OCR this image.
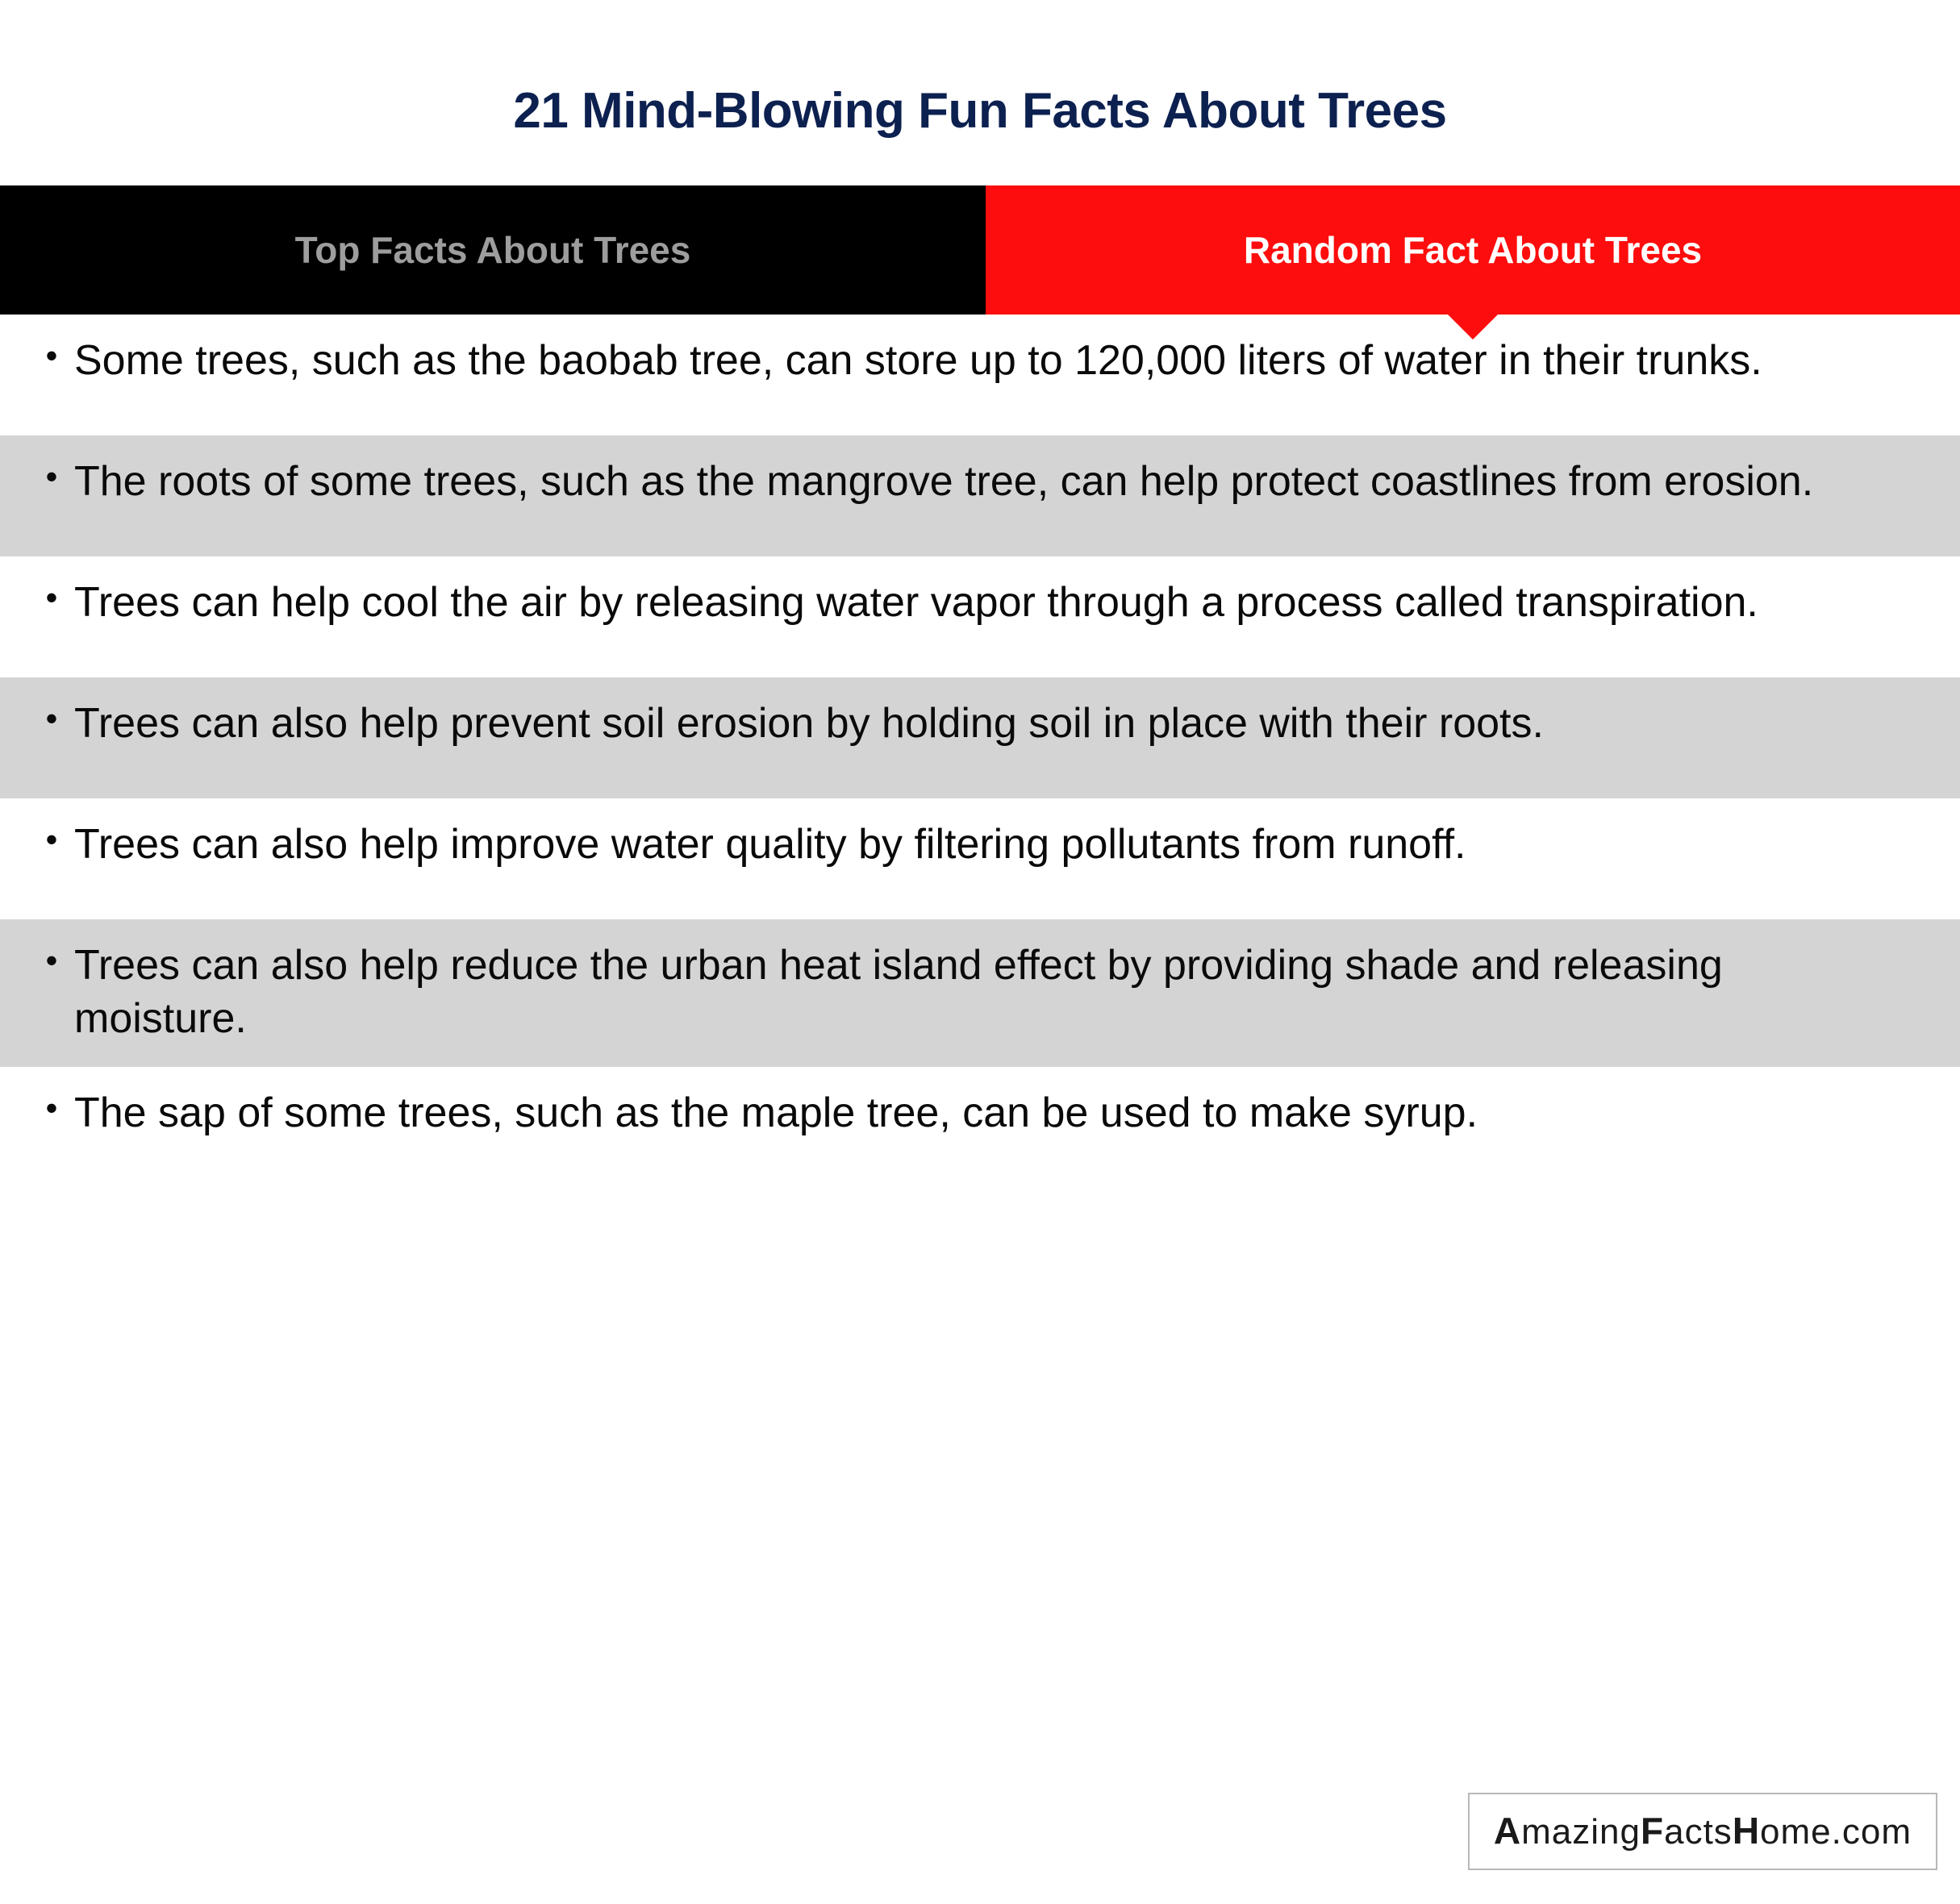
21 Mind-Blowing Fun Facts About Trees
Top Facts About Trees	Random Fact About Trees
• Some trees, such as the baobab tree, can store up to 120,000 liters of water in their trunks.
• The roots of some trees, such as the mangrove tree, can help protect coastlines from erosion.
• Trees can help cool the air by releasing water vapor through a process called transpiration.
• Trees can also help prevent soil erosion by holding soil in place with their roots.
• Trees can also help improve water quality by filtering pollutants from runoff.
• Trees can also help reduce the urban heat island effect by providing shade and releasing moisture.
• The sap of some trees, such as the maple tree, can be used to make syrup.
AmazingFactsHome.com
